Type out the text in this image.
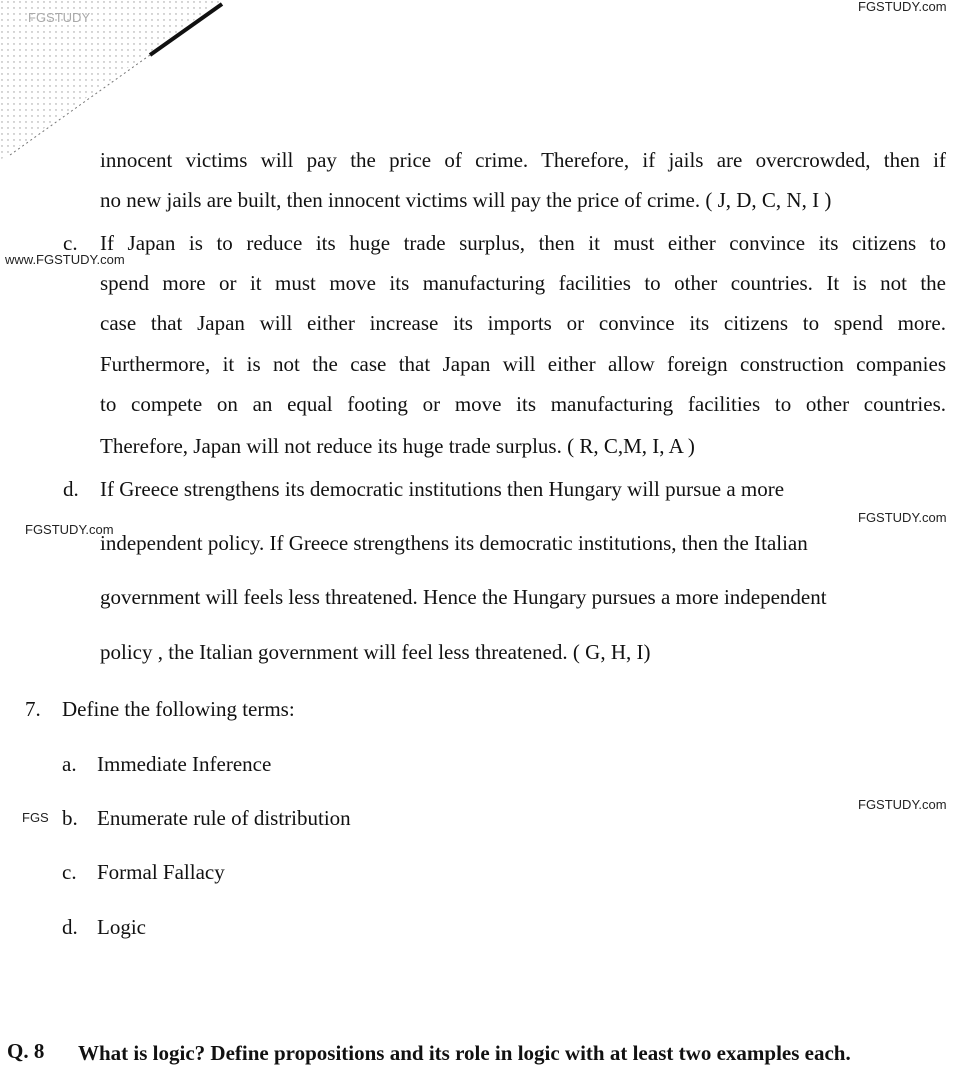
FGSTUDY
FGSTUDY.com
innocent victims will pay the price of crime. Therefore, if jails are overcrowded, then if
no new jails are built, then innocent victims will pay the price of crime. ( J, D, C, N, I )
c. If Japan is to reduce its huge trade surplus, then it must either convince its citizens to
www.FGSTUDY.com
spend more or it must move its manufacturing facilities to other countries. It is not the
case that Japan will either increase its imports or convince its citizens to spend more.
Furthermore, it is not the case that Japan will either allow foreign construction companies
to compete on an equal footing or move its manufacturing facilities to other countries.
Therefore, Japan will not reduce its huge trade surplus. ( R, C,M, I, A )
d. If Greece strengthens its democratic institutions then Hungary will pursue a more
FGSTUDY.com
FGSTUDY.com
independent policy. If Greece strengthens its democratic institutions, then the Italian
government will feels less threatened. Hence the Hungary pursues a more independent
policy , the Italian government will feel less threatened. ( G, H, I)
7. Define the following terms:
a. Immediate Inference
FGSTUDY.com
FGS b. Enumerate rule of distribution
c. Formal Fallacy
d. Logic
Q. 8 What is logic? Define propositions and its role in logic with at least two examples each.
